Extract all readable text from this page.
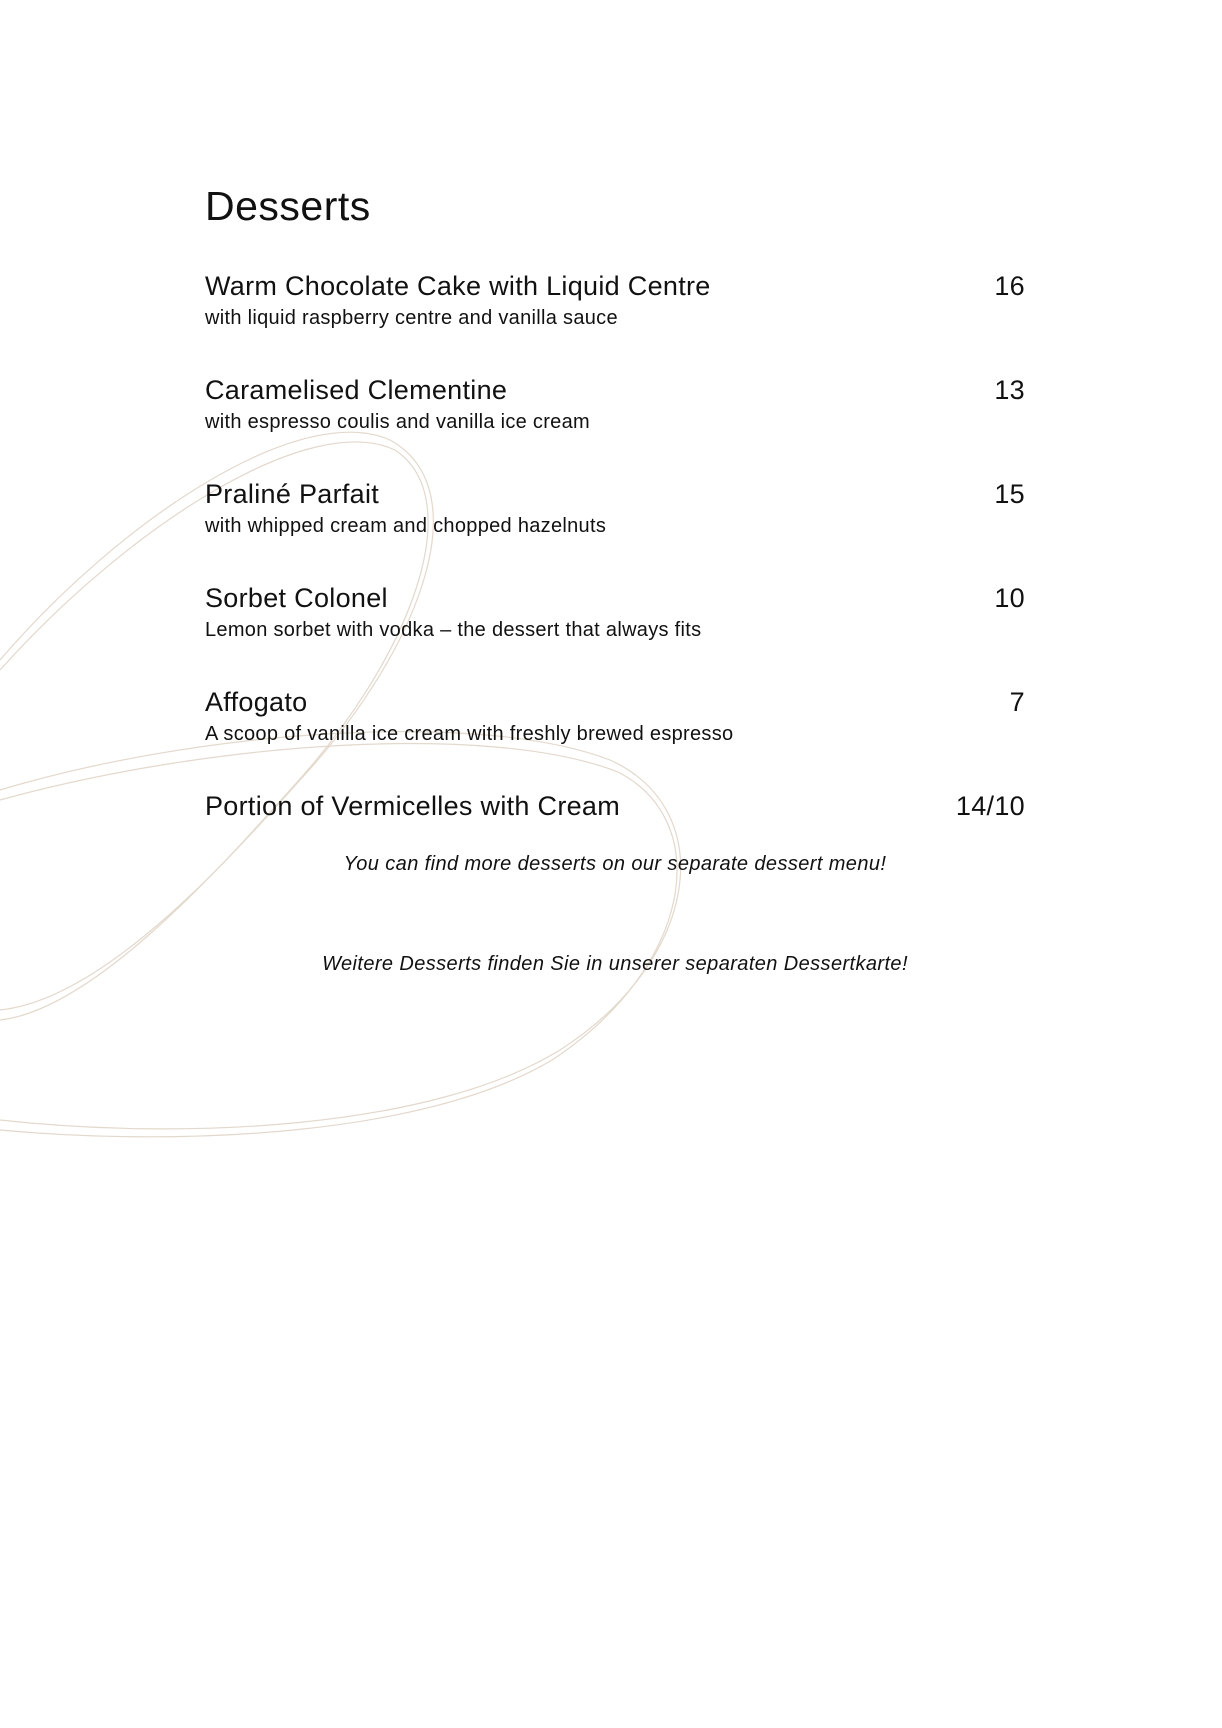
Desserts
Warm Chocolate Cake with Liquid Centre	16
with liquid raspberry centre and vanilla sauce
Caramelised Clementine	13
with espresso coulis and vanilla ice cream
Praliné Parfait	15
with whipped cream and chopped hazelnuts
Sorbet Colonel	10
Lemon sorbet with vodka – the dessert that always fits
Affogato	7
A scoop of vanilla ice cream with freshly brewed espresso
Portion of Vermicelles with Cream	14/10
You can find more desserts on our separate dessert menu!
Weitere Desserts finden Sie in unserer separaten Dessertkarte!
